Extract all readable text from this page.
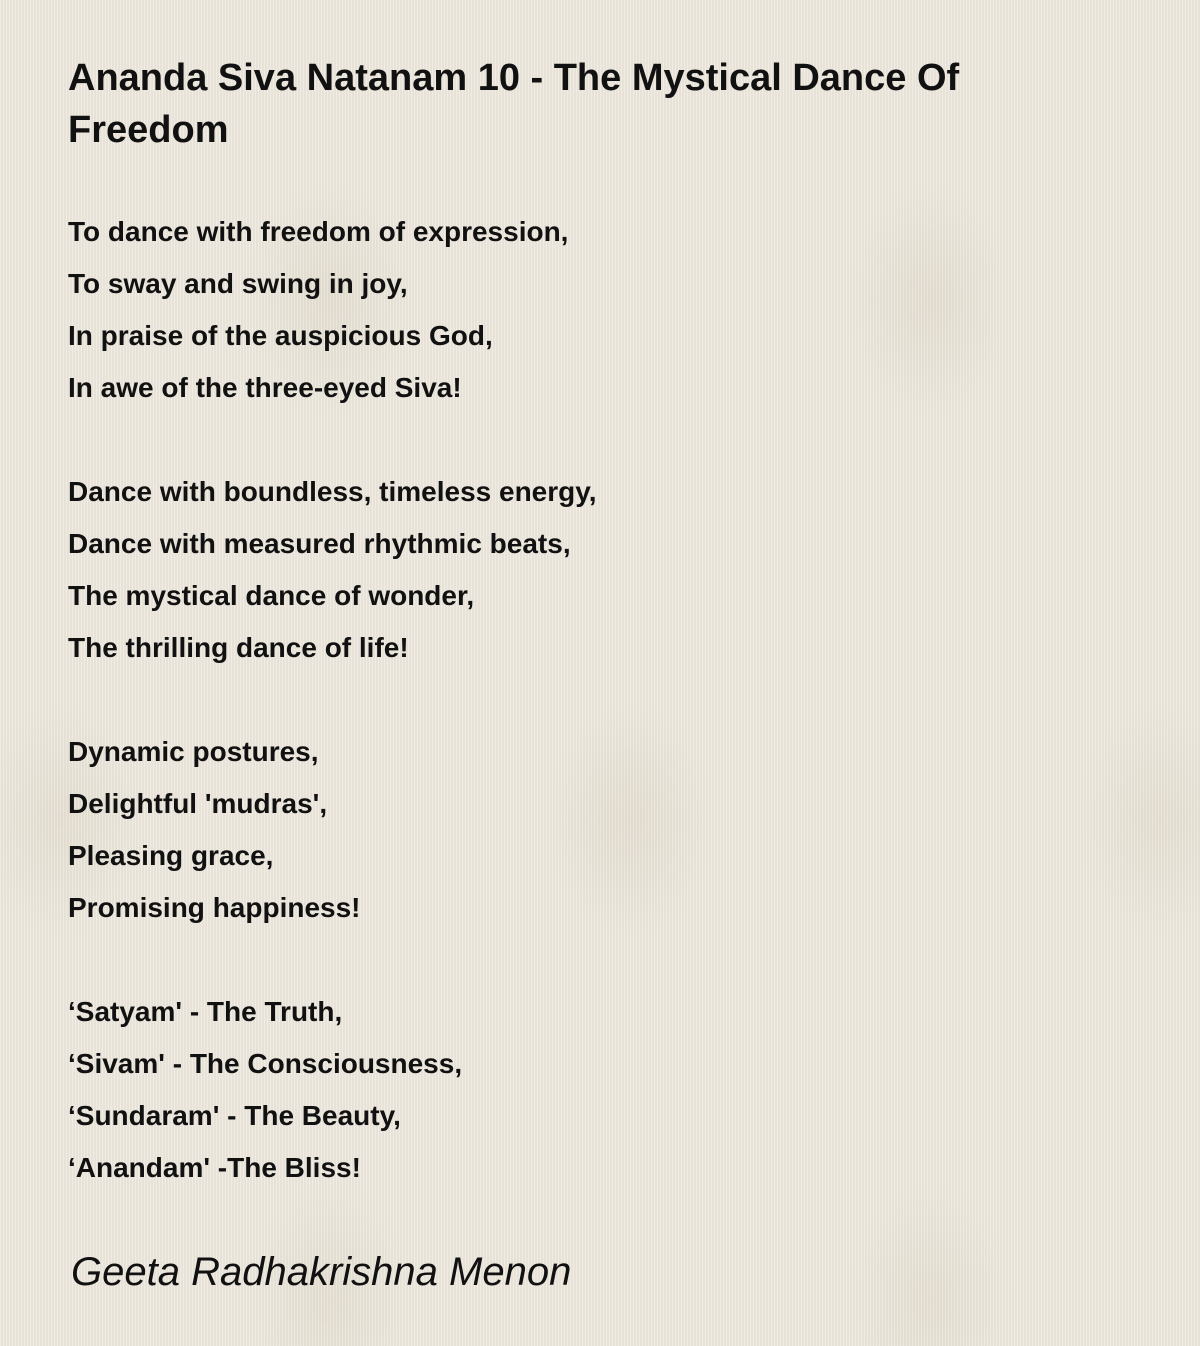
Ananda Siva Natanam 10 - The Mystical Dance Of Freedom
To dance with freedom of expression,
To sway and swing in joy,
In praise of the auspicious God,
In awe of the three-eyed Siva!
Dance with boundless, timeless energy,
Dance with measured rhythmic beats,
The mystical dance of wonder,
The thrilling dance of life!
Dynamic postures,
Delightful 'mudras',
Pleasing grace,
Promising happiness!
‘Satyam' - The Truth,
‘Sivam' - The Consciousness,
‘Sundaram' - The Beauty,
‘Anandam' -The Bliss!
Geeta Radhakrishna Menon
